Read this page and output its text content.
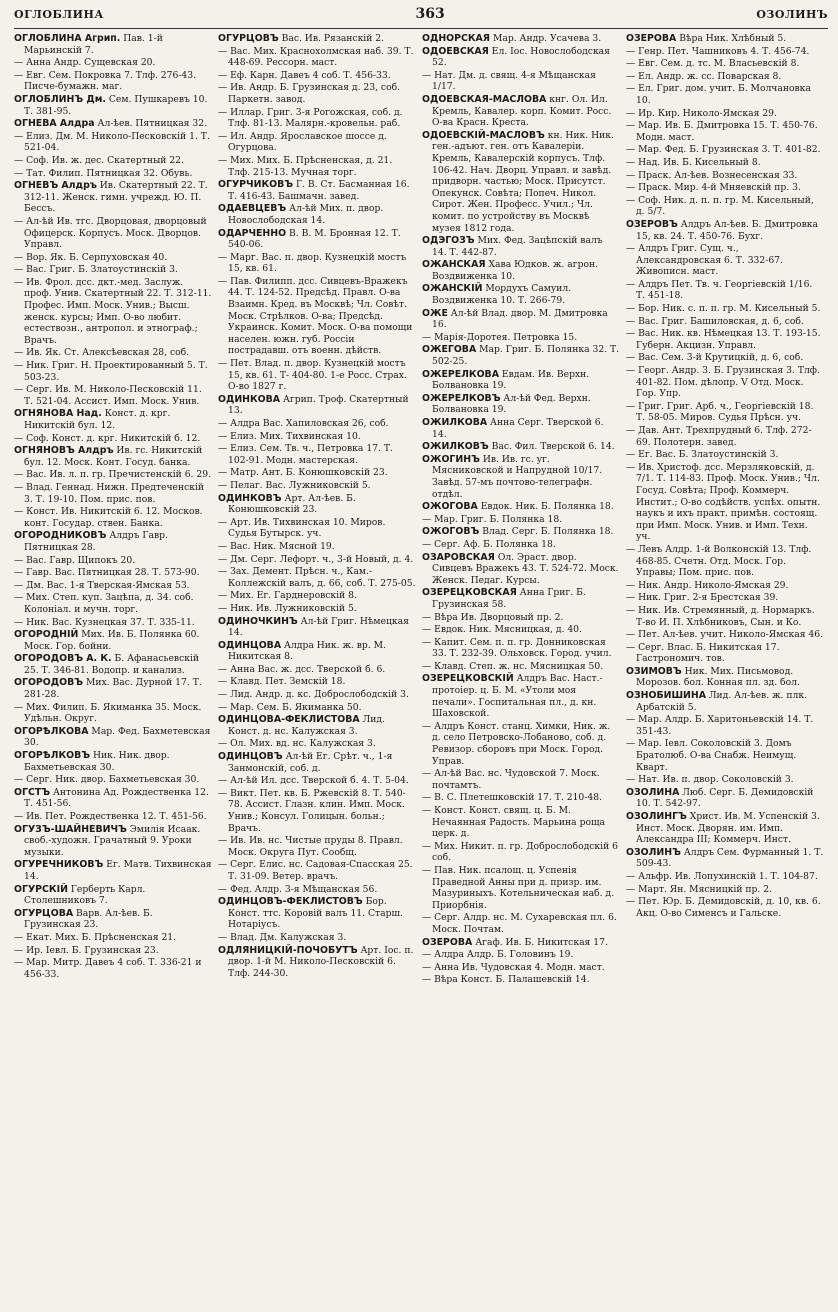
ОГЛОБЛИНА	363	ОЗОЛИНЪ
ОГЛОБЛИНА Агрип. Пав. 1-й Марьинскій 7.
— Анна Андр. Сущевская 20.
— Евг. Сем. Покровка 7. Тлф. 276-43. Писче-бумажн. маг.
ОГЛОБЛИНЪ Дм. Сем. Пушкаревъ 10. Т. 381-95.
ОГНЕВА Алдра Ал-ѣев. Пятницкая 32.
— Елиз. Дм. М. Николо-Песковскій 1. Т. 521-04.
— Соф. Ив. ж. дес. Скатертный 22.
— Тат. Филип. Пятницкая 32. Обувь.
ОГНЕВЪ Алдръ Ив. Скатертный 22. Т. 312-11. Женск. гимн. учрежд. Ю. П. Бессъ.
— Ал-ѣй Ив. тгс. Дворцовая, дворцовый Офицерск. Корпусъ. Моск. Дворцов. Управл.
— Вор. Як. Б. Серпуховская 40.
— Вас. Григ. Б. Златоустинскій 3.
— Ив. Фрол. дсс. дкт.-мед. Заслуж. проф. Унив. Скатертный 22. Т. 312-11. Профес. Имп. Моск. Унив.; Высш. женск. курсы; Имп. О-во любит. естествозн., антропол. и этнограф.; Врачъ.
— Ив. Як. Ст. Алексѣевская 28, соб.
— Ник. Григ. Н. Проектированный 5. Т. 503-23.
— Серг. Ив. М. Николо-Песковскій 11. Т. 521-04. Ассист. Имп. Моск. Унив.
ОГНЯНОВА Над. Конст. д. крг. Никитскій бул. 12.
— Соф. Конст. д. крг. Никитскій б. 12.
ОГНЯНОВЪ Алдръ Ив. гс. Никитскій бул. 12. Моск. Конт. Госуд. банка.
— Вас. Ив. л. п. гр. Пречистенскій 6. 29.
— Влад. Геннад. Нижн. Предтеченскій 3. Т. 19-10. Пом. прис. пов.
— Конст. Ив. Никитскій 6. 12. Москов. конт. Государ. ствен. Банка.
ОГОРОДНИКОВЪ Алдръ Гавр. Пятницкая 28.
— Вас. Гавр. Щипокъ 20.
— Гавр. Вас. Пятницкая 28. Т. 573-90.
— Дм. Вас. 1-я Тверская-Ямская 53.
— Мих. Степ. куп. Зацѣпа, д. 34. соб. Колоніал. и мучн. торг.
— Ник. Вас. Кузнецкая 37. Т. 335-11.
ОГОРОДНІЙ Мих. Ив. Б. Полянка 60. Моск. Гор. бойни.
ОГОРОДОВЪ А. К. Б. Афанасьевскій 25. Т. 346-81. Водопр. и канализ.
ОГОРОДОВЪ Мих. Вас. Дурной 17. Т. 281-28.
— Мих. Филип. Б. Якиманка 35. Моск. Удѣльн. Округ.
ОГОРѢЛКОВА Мар. Фед. Бахметевская 30.
ОГОРѢЛКОВЪ Ник. Ник. двор. Бахметьевская 30.
— Серг. Ник. двор. Бахметьевская 30.
ОГСТЪ Антонина Ад. Рождественка 12. Т. 451-56.
— Ив. Пет. Рождественка 12. Т. 451-56.
ОГУЗЪ-ШАЙНЕВИЧЪ Эмилія Исаак. своб.-художн. Грачатный 9. Уроки музыки.
ОГУРЕЧНИКОВЪ Ег. Матв. Тихвинская 14.
ОГУРСКІЙ Герберть Карл. Столешниковъ 7.
ОГУРЦОВА Варв. Ал-ѣев. Б. Грузинская 23.
— Екат. Мих. Б. Прѣсненская 21.
— Ир. Іевл. Б. Грузинская 23.
— Мар. Митр. Давеъ 4 соб. Т. 336-21 и 456-33.
ОГУРЦОВЪ Вас. Ив. Рязанскій 2.
— Вас. Мих. Краснохолмская наб. 39. Т. 448-69. Рессорн. маст.
— Еф. Карн. Давеъ 4 соб. Т. 456-33.
— Ив. Андр. Б. Грузинская д. 23, соб. Паркетн. завод.
— Иллар. Григ. 3-я Рогожская, соб. д. Тлф. 81-13. Малярн.-кровельн. раб.
— Ил. Андр. Ярославское шоссе д. Огурцова.
— Мих. Мих. Б. Прѣсненская, д. 21. Тлф. 215-13. Мучная торг.
ОГУРЧИКОВЪ Г. В. Ст. Басманная 16. Т. 416-43. Башмачн. завед.
ОДАЕВЦЕВЪ Ал-ѣй Мих. п. двор. Новослободская 14.
ОДАРЧЕННО В. В. М. Бронная 12. Т. 540-06.
— Марг. Вас. п. двор. Кузнецкій мостъ 15, кв. 61.
— Пав. Филипп. дсс. Сивцевъ-Вражекъ 44. Т. 124-52. Предсѣд. Правл. О-ва Взаимн. Кред. въ Москвѣ; Чл. Совѣт. Моск. Стрѣлков. О-ва; Предсѣд. Украинск. Комит. Моск. О-ва помощи населен. южн. губ. Россіи пострадавш. отъ военн. дѣйств.
— Пет. Влад. п. двор. Кузнецкій мостъ 15, кв. 61. Т- 404-80. 1-е Росс. Страх. О-во 1827 г.
ОДИНКОВА Агрип. Троф. Скатертный 13.
— Алдра Вас. Хапиловская 26, соб.
— Елиз. Мих. Тихвинская 10.
— Елиз. Сем. Тв. ч., Петровка 17. Т. 102-91. Модн. мастерская.
— Матр. Ант. Б. Конюшковскій 23.
— Пелаг. Вас. Лужниковскій 5.
ОДИНКОВЪ Арт. Ал-ѣев. Б. Конюшковскій 23.
— Арт. Ив. Тихвинская 10. Миров. Судья Бутырск. уч.
— Вас. Ник. Мясной 19.
— Дм. Серг. Лефорт. ч., 3-й Новый, д. 4.
— Зах. Демент. Прѣсн. ч., Кам.-Коллежскій валъ, д. 66, соб. Т. 275-05.
— Мих. Ег. Гарднеровскій 8.
— Ник. Ив. Лужниковскій 5.
ОДИНОЧКИНЪ Ал-ѣй Григ. Нѣмецкая 14.
ОДИНЦОВА Алдра Ник. ж. вр. М. Никитская 8.
— Анна Вас. ж. дсс. Тверской б. 6.
— Клавд. Пет. Земскій 18.
— Лид. Андр. д. кс. Доброслободскій 3.
— Мар. Сем. Б. Якиманка 50.
ОДИНЦОВА-ФЕКЛИСТОВА Лид. Конст. д. нс. Калужская 3.
— Ол. Мих. вд. нс. Калужская 3.
ОДИНЦОВЪ Ал-ѣй Ег. Срѣт. ч., 1-я Занмонскій, соб. д.
— Ал-ѣй Ил. дсс. Тверской б. 4. Т. 5-04.
— Викт. Пет. кв. Б. Ржевскій 8. Т. 540-78. Ассист. Глазн. клин. Имп. Моск. Унив.; Консул. Голицын. больн.; Врачъ.
— Ив. Ив. нс. Чистые пруды 8. Правл. Моск. Округа Пут. Сообщ.
— Серг. Елис. нс. Садовая-Спасская 25. Т. 31-09. Ветер. врачъ.
— Фед. Алдр. 3-я Мѣщанская 56.
ОДИНЦОВЪ-ФЕКЛИСТОВЪ Бор. Конст. ттс. Коровій валъ 11. Старш. Нотаріусъ.
— Влад. Дм. Калужская 3.
ОДЛЯНИЦКІЙ-ПОЧОБУТЪ Арт. Іос. п. двор. 1-й М. Николо-Песковскій 6. Тлф. 244-30.
ОДНОРСКАЯ Мар. Андр. Усачева 3.
ОДОЕВСКАЯ Ел. Іос. Новослободская 52.
— Нат. Дм. д. свящ. 4-я Мѣщанская 1/17.
ОДОЕВСКАЯ-МАСЛОВА кнг. Ол. Ил. Кремль, Кавалер. корп. Комит. Росс. О-ва Красн. Креста.
ОДОЕВСКІЙ-МАСЛОВЪ кн. Ник. Ник. ген.-адъют. ген. отъ Кавалеріи. Кремль, Кавалерскій корпусъ. Тлф. 106-42. Нач. Дворц. Управл. и завѣд. придворн. частью; Моск. Присутст. Опекунск. Совѣта; Попеч. Никол. Сирот. Жен. Професс. Учил.; Чл. комит. по устройству въ Москвѣ музея 1812 года.
ОДЭГОЗЪ Мих. Фед. Зацѣпскій валъ 14. Т. 442-87.
ОЖАНСКАЯ Хава Юдков. ж. агрон. Воздвиженка 10.
ОЖАНСКІЙ Мордухъ Самуил. Воздвиженка 10. Т. 266-79.
ОЖЕ Ал-ѣй Влад. двор. М. Дмитровка 16.
— Марія-Доротея. Петровка 15.
ОЖЕГОВА Мар. Григ. Б. Полянка 32. Т. 502-25.
ОЖЕРЕЛКОВА Евдам. Ив. Верхн. Болвановка 19.
ОЖЕРЕЛКОВЪ Ал-ѣй Фед. Верхн. Болвановка 19.
ОЖИЛКОВА Анна Серг. Тверской 6. 14.
ОЖИЛКОВЪ Вас. Фил. Тверской 6. 14.
ОЖОГИНЪ Ив. Ив. гс. уг. Мясниковской и Напрудной 10/17. Завѣд. 57-мъ почтово-телеграфн. отдѣл.
ОЖОГОВА Евдок. Ник. Б. Полянка 18.
— Мар. Григ. Б. Полянка 18.
ОЖОГОВЪ Влад. Серг. Б. Полянка 18.
— Серг. Аф. Б. Полянка 18.
ОЗАРОВСКАЯ Ол. Эраст. двор. Сивцевъ Вражекъ 43. Т. 524-72. Моск. Женск. Педаг. Курсы.
ОЗЕРЕЦКОВСКАЯ Анна Григ. Б. Грузинская 58.
— Вѣра Ив. Дворцовый пр. 2.
— Евдок. Ник. Мясницкая, д. 40.
— Капит. Сем. п. п. гр. Донниковская 33. Т. 232-39. Ольховск. Город. учил.
— Клавд. Степ. ж. нс. Мясницкая 50.
ОЗЕРЕЦКОВСКІЙ Алдръ Вас. Наст.-протоіер. ц. Б. М. «Утоли моя печали». Госпитальная пл., д. кн. Шаховской.
— Алдръ Конст. станц. Химки, Ник. ж. д. село Петровско-Лобаново, соб. д. Ревизор. сборовъ при Моск. Город. Управ.
— Ал-ѣй Вас. нс. Чудовской 7. Моск. почтамтъ.
— В. С. Плетешковскій 17. Т. 210-48.
— Конст. Конст. свящ. ц. Б. М. Нечаянная Радость. Марьина роща церк. д.
— Мих. Никит. п. гр. Доброслободскій 6 соб.
— Пав. Ник. псалощ. ц. Успенія Праведной Анны при д. призр. им. Мазуриныхъ. Котельническая наб. д. Приорбнія.
— Серг. Алдр. нс. М. Сухаревская пл. 6. Моск. Почтам.
ОЗЕРОВА Агаф. Ив. Б. Никитская 17.
— Алдра Алдр. Б. Головинъ 19.
— Анна Ив. Чудовская 4. Модн. маст.
— Вѣра Конст. Б. Палашевскій 14.
ОЗЕРОВА Вѣра Ник. Хлѣбный 5.
— Генр. Пет. Чашниковъ 4. Т. 456-74.
— Евг. Сем. д. тс. М. Власьевскій 8.
— Ел. Андр. ж. сс. Поварская 8.
— Ел. Григ. дом. учит. Б. Молчановка 10.
— Ир. Кир. Николо-Ямская 29.
— Мар. Ив. Б. Дмитровка 15. Т. 450-76. Модн. маст.
— Мар. Фед. Б. Грузинская 3. Т. 401-82.
— Над. Ив. Б. Кисельный 8.
— Праск. Ал-ѣев. Вознесенская 33.
— Праск. Мир. 4-й Мняевскій пр. 3.
— Соф. Ник. д. п. п. гр. М. Кисельный, д. 5/7.
ОЗЕРОВЪ Алдръ Ал-ѣев. Б. Дмитровка 15, кв. 24. Т. 450-76. Бухг.
— Алдръ Григ. Сущ. ч., Александровская 6. Т. 332-67. Живописн. маст.
— Алдръ Пет. Тв. ч. Георгіевскій 1/16. Т. 451-18.
— Бор. Ник. с. п. п. гр. М. Кисельный 5.
— Вас. Григ. Башиловская, д. 6, соб.
— Вас. Ник. кв. Нѣмецкая 13. Т. 193-15. Губерн. Акцизн. Управл.
— Вас. Сем. 3-й Крутицкій, д. 6, соб.
— Георг. Андр. 3. Б. Грузинская 3. Тлф. 401-82. Пом. дѣлопр. V Отд. Моск. Гор. Упр.
— Григ. Григ. Арб. ч., Георгіевскій 18. Т. 58-05. Миров. Судья Прѣсн. уч.
— Дав. Ант. Трехпрудный 6. Тлф. 272-69. Полотерн. завед.
— Ег. Вас. Б. Златоустинскій 3.
— Ив. Христоф. дсс. Мерзляковскій, д. 7/1. Т. 114-83. Проф. Моск. Унив.; Чл. Госуд. Совѣта; Проф. Коммерч. Инстит.; О-во содѣйств. успѣх. опытн. наукъ и ихъ практ. примѣн. состоящ. при Имп. Моск. Унив. и Имп. Техн. уч.
— Левъ Алдр. 1-й Волконскій 13. Тлф. 468-85. Счетн. Отд. Моск. Гор. Управы; Пом. прис. пов.
— Ник. Андр. Николо-Ямская 29.
— Ник. Григ. 2-я Брестская 39.
— Ник. Ив. Стремянный, д. Нормаркъ. Т-во И. П. Хлѣбниковъ, Сын. и Ко.
— Пет. Ал-ѣев. учит. Николо-Ямская 46.
— Серг. Влас. Б. Никитская 17. Гастрономич. тов.
ОЗИМОВЪ Ник. Мих. Письмовод. Морозов. бол. Конная пл. зд. бол.
ОЗНОБИШИНА Лид. Ал-ѣев. ж. плк. Арбатскій 5.
— Мар. Алдр. Б. Харитоньевскій 14. Т. 351-43.
— Мар. Іевл. Соколовскій 3. Домъ Братолюб. О-ва Снабж. Неимущ. Кварт.
— Нат. Ив. п. двор. Соколовскій 3.
ОЗОЛИНА Люб. Серг. Б. Демидовскій 10. Т. 542-97.
ОЗОЛИНГЪ Христ. Ив. М. Успенскій 3. Инст. Моск. Дворян. им. Имп. Александра III; Коммерч. Инст.
ОЗОЛИНЪ Алдръ Сем. Фурманный 1. Т. 509-43.
— Альфр. Ив. Лопухинскій 1. Т. 104-87.
— Март. Ян. Мясницкій пр. 2.
— Пет. Юр. Б. Демидовскій, д. 10, кв. 6. Акц. О-во Сименсъ и Гальске.
